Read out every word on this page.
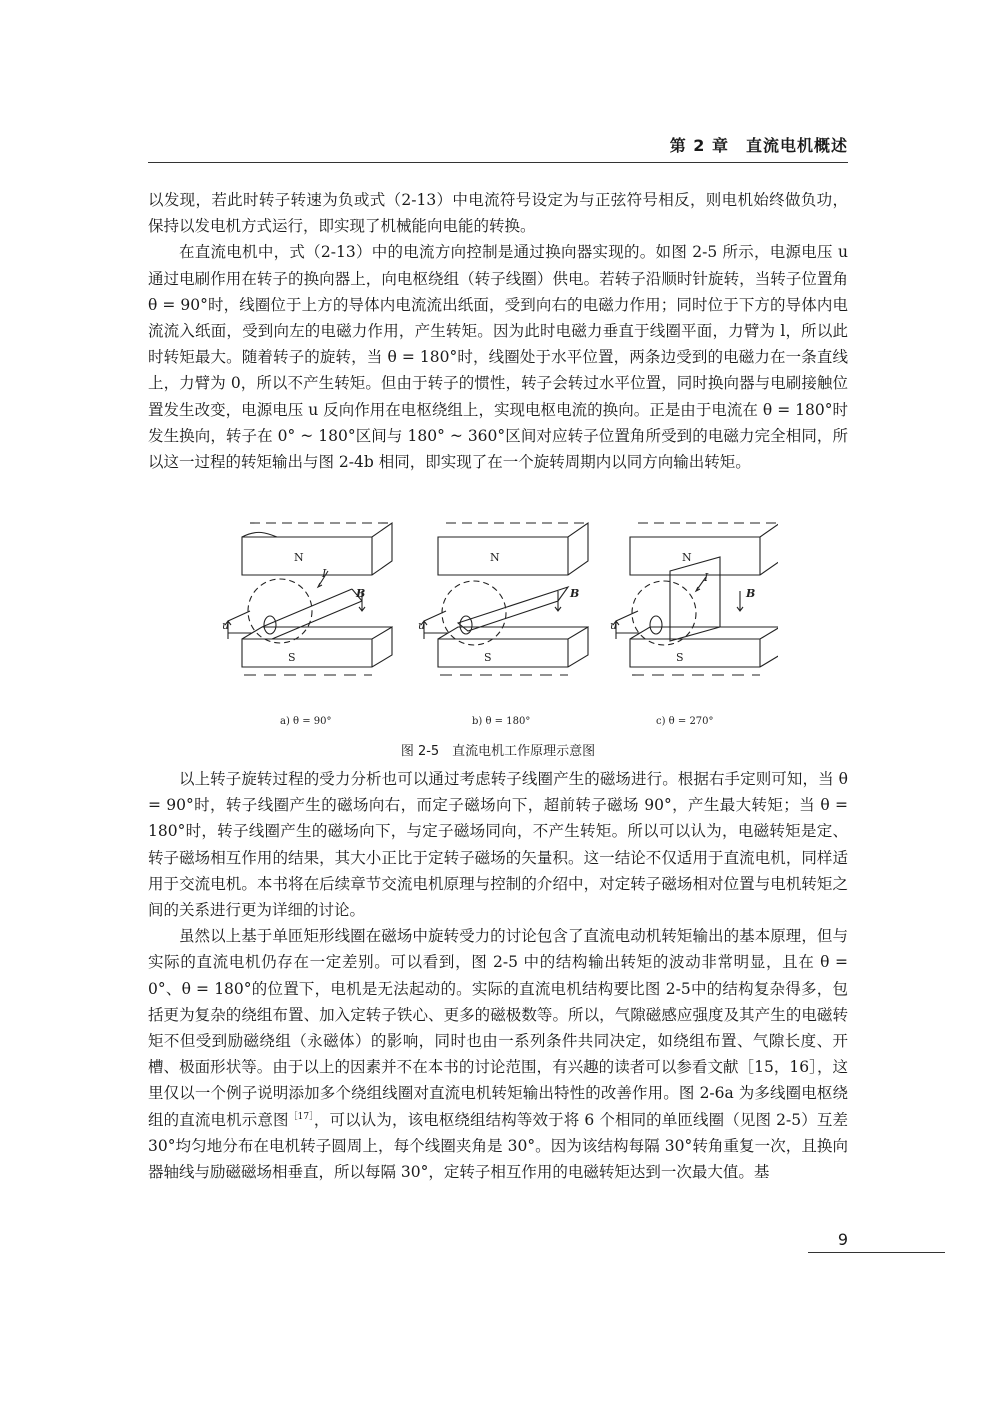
第 2 章　直流电机概述

以发现，若此时转子转速为负或式（2-13）中电流符号设定为与正弦符号相反，则电机始终做负功，保持以发电机方式运行，即实现了机械能向电能的转换。

在直流电机中，式（2-13）中的电流方向控制是通过换向器实现的。如图 2-5 所示，电源电压 u 通过电刷作用在转子的换向器上，向电枢绕组（转子线圈）供电。若转子沿顺时针旋转，当转子位置角 θ = 90°时，线圈位于上方的导体内电流流出纸面，受到向右的电磁力作用；同时位于下方的导体内电流流入纸面，受到向左的电磁力作用，产生转矩。因为此时电磁力垂直于线圈平面，力臂为 l，所以此时转矩最大。随着转子的旋转，当 θ = 180°时，线圈处于水平位置，两条边受到的电磁力在一条直线上，力臂为 0，所以不产生转矩。但由于转子的惯性，转子会转过水平位置，同时换向器与电刷接触位置发生改变，电源电压 u 反向作用在电枢绕组上，实现电枢电流的换向。正是由于电流在 θ = 180°时发生换向，转子在 0° ~ 180°区间与 180° ~ 360°区间对应转子位置角所受到的电磁力完全相同，所以这一过程的转矩输出与图 2-4b 相同，即实现了在一个旋转周期内以同方向输出转矩。

N
S
I
B
u
N
S
B
u
N
S
I
B
u
a) θ = 90°	b) θ = 180°	c) θ = 270°
图 2-5　直流电机工作原理示意图

以上转子旋转过程的受力分析也可以通过考虑转子线圈产生的磁场进行。根据右手定则可知，当 θ = 90°时，转子线圈产生的磁场向右，而定子磁场向下，超前转子磁场 90°，产生最大转矩；当 θ = 180°时，转子线圈产生的磁场向下，与定子磁场同向，不产生转矩。所以可以认为，电磁转矩是定、转子磁场相互作用的结果，其大小正比于定转子磁场的矢量积。这一结论不仅适用于直流电机，同样适用于交流电机。本书将在后续章节交流电机原理与控制的介绍中，对定转子磁场相对位置与电机转矩之间的关系进行更为详细的讨论。

虽然以上基于单匝矩形线圈在磁场中旋转受力的讨论包含了直流电动机转矩输出的基本原理，但与实际的直流电机仍存在一定差别。可以看到，图 2-5 中的结构输出转矩的波动非常明显，且在 θ = 0°、θ = 180°的位置下，电机是无法起动的。实际的直流电机结构要比图 2-5中的结构复杂得多，包括更为复杂的绕组布置、加入定转子铁心、更多的磁极数等。所以，气隙磁感应强度及其产生的电磁转矩不但受到励磁绕组（永磁体）的影响，同时也由一系列条件共同决定，如绕组布置、气隙长度、开槽、极面形状等。由于以上的因素并不在本书的讨论范围，有兴趣的读者可以参看文献［15，16］，这里仅以一个例子说明添加多个绕组线圈对直流电机转矩输出特性的改善作用。图 2-6a 为多线圈电枢绕组的直流电机示意图$^{[17]}$，可以认为，该电枢绕组结构等效于将 6 个相同的单匝线圈（见图 2-5）互差 30°均匀地分布在电机转子圆周上，每个线圈夹角是 30°。因为该结构每隔 30°转角重复一次，且换向器轴线与励磁磁场相垂直，所以每隔 30°，定转子相互作用的电磁转矩达到一次最大值。基

9
